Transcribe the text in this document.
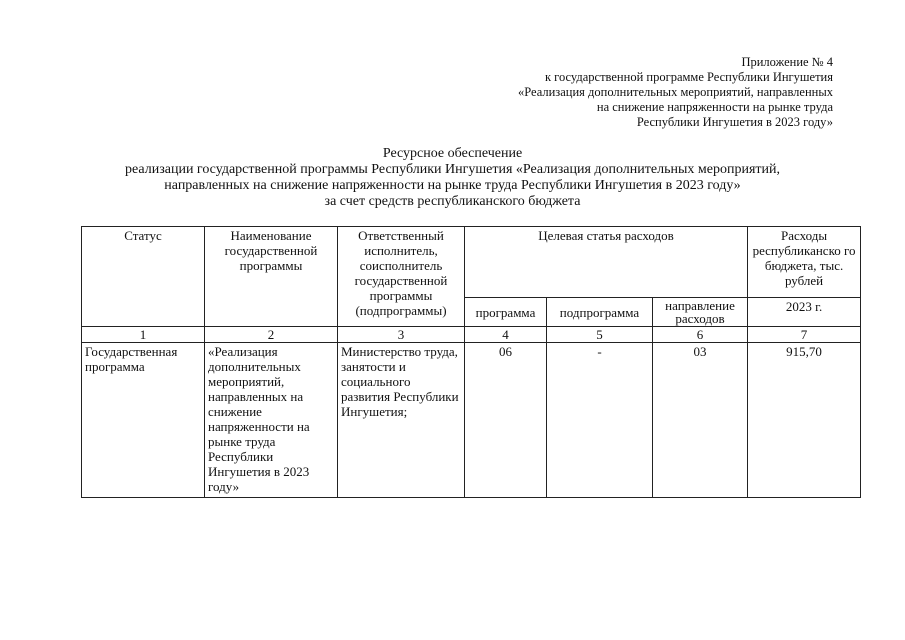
Приложение № 4
к государственной программе Республики Ингушетия
«Реализация дополнительных мероприятий, направленных
на снижение напряженности на рынке труда
Республики Ингушетия в 2023 году»
Ресурсное обеспечение
реализации государственной программы Республики Ингушетия «Реализация дополнительных мероприятий,
направленных на снижение напряженности на рынке труда Республики Ингушетия в 2023 году»
за счет средств республиканского бюджета
Статус	Наименование государственной программы	Ответственный исполнитель, соисполнитель государственной программы (подпрограммы)	Целевая статья расходов			Расходы республиканско го бюджета, тыс. рублей
			программа	подпрограмма	направление расходов	2023 г.
1	2	3	4	5	6	7
Государственная программа	«Реализация дополнительных мероприятий, направленных на снижение напряженности на рынке труда Республики Ингушетия в 2023 году»	Министерство труда, занятости и социального развития Республики Ингушетия;	06	-	03	915,70
